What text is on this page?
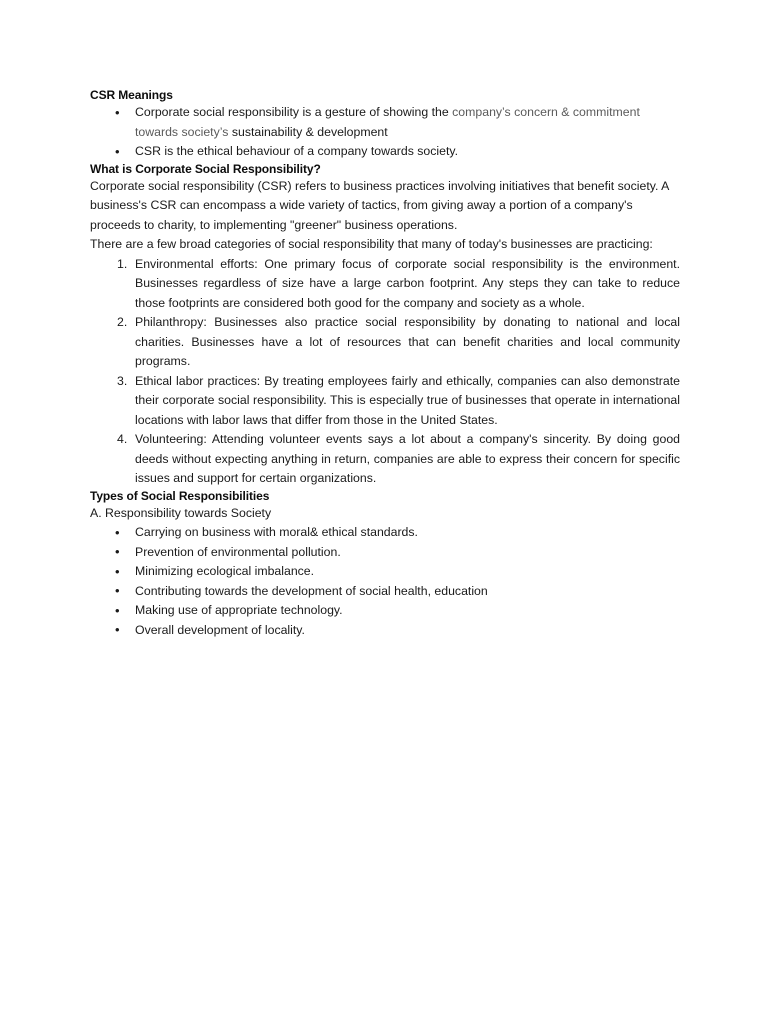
CSR Meanings
• Corporate social responsibility is a gesture of showing the company’s concern & commitment towards society’s sustainability & development
• CSR is the ethical behaviour of a company towards society.
What is Corporate Social Responsibility?

Corporate social responsibility (CSR) refers to business practices involving initiatives that benefit society. A business's CSR can encompass a wide variety of tactics, from giving away a portion of a company's proceeds to charity, to implementing "greener" business operations.

There are a few broad categories of social responsibility that many of today's businesses are practicing:

Environmental efforts: One primary focus of corporate social responsibility is the environment. Businesses regardless of size have a large carbon footprint. Any steps they can take to reduce those footprints are considered both good for the company and society as a whole.
Philanthropy: Businesses also practice social responsibility by donating to national and local charities. Businesses have a lot of resources that can benefit charities and local community programs.
Ethical labor practices: By treating employees fairly and ethically, companies can also demonstrate their corporate social responsibility. This is especially true of businesses that operate in international locations with labor laws that differ from those in the United States.
Volunteering: Attending volunteer events says a lot about a company's sincerity. By doing good deeds without expecting anything in return, companies are able to express their concern for specific issues and support for certain organizations.
Types of Social Responsibilities

A. Responsibility towards Society

• Carrying on business with moral& ethical standards.
• Prevention of environmental pollution.
• Minimizing ecological imbalance.
• Contributing towards the development of social health, education
• Making use of appropriate technology.
• Overall development of locality.
